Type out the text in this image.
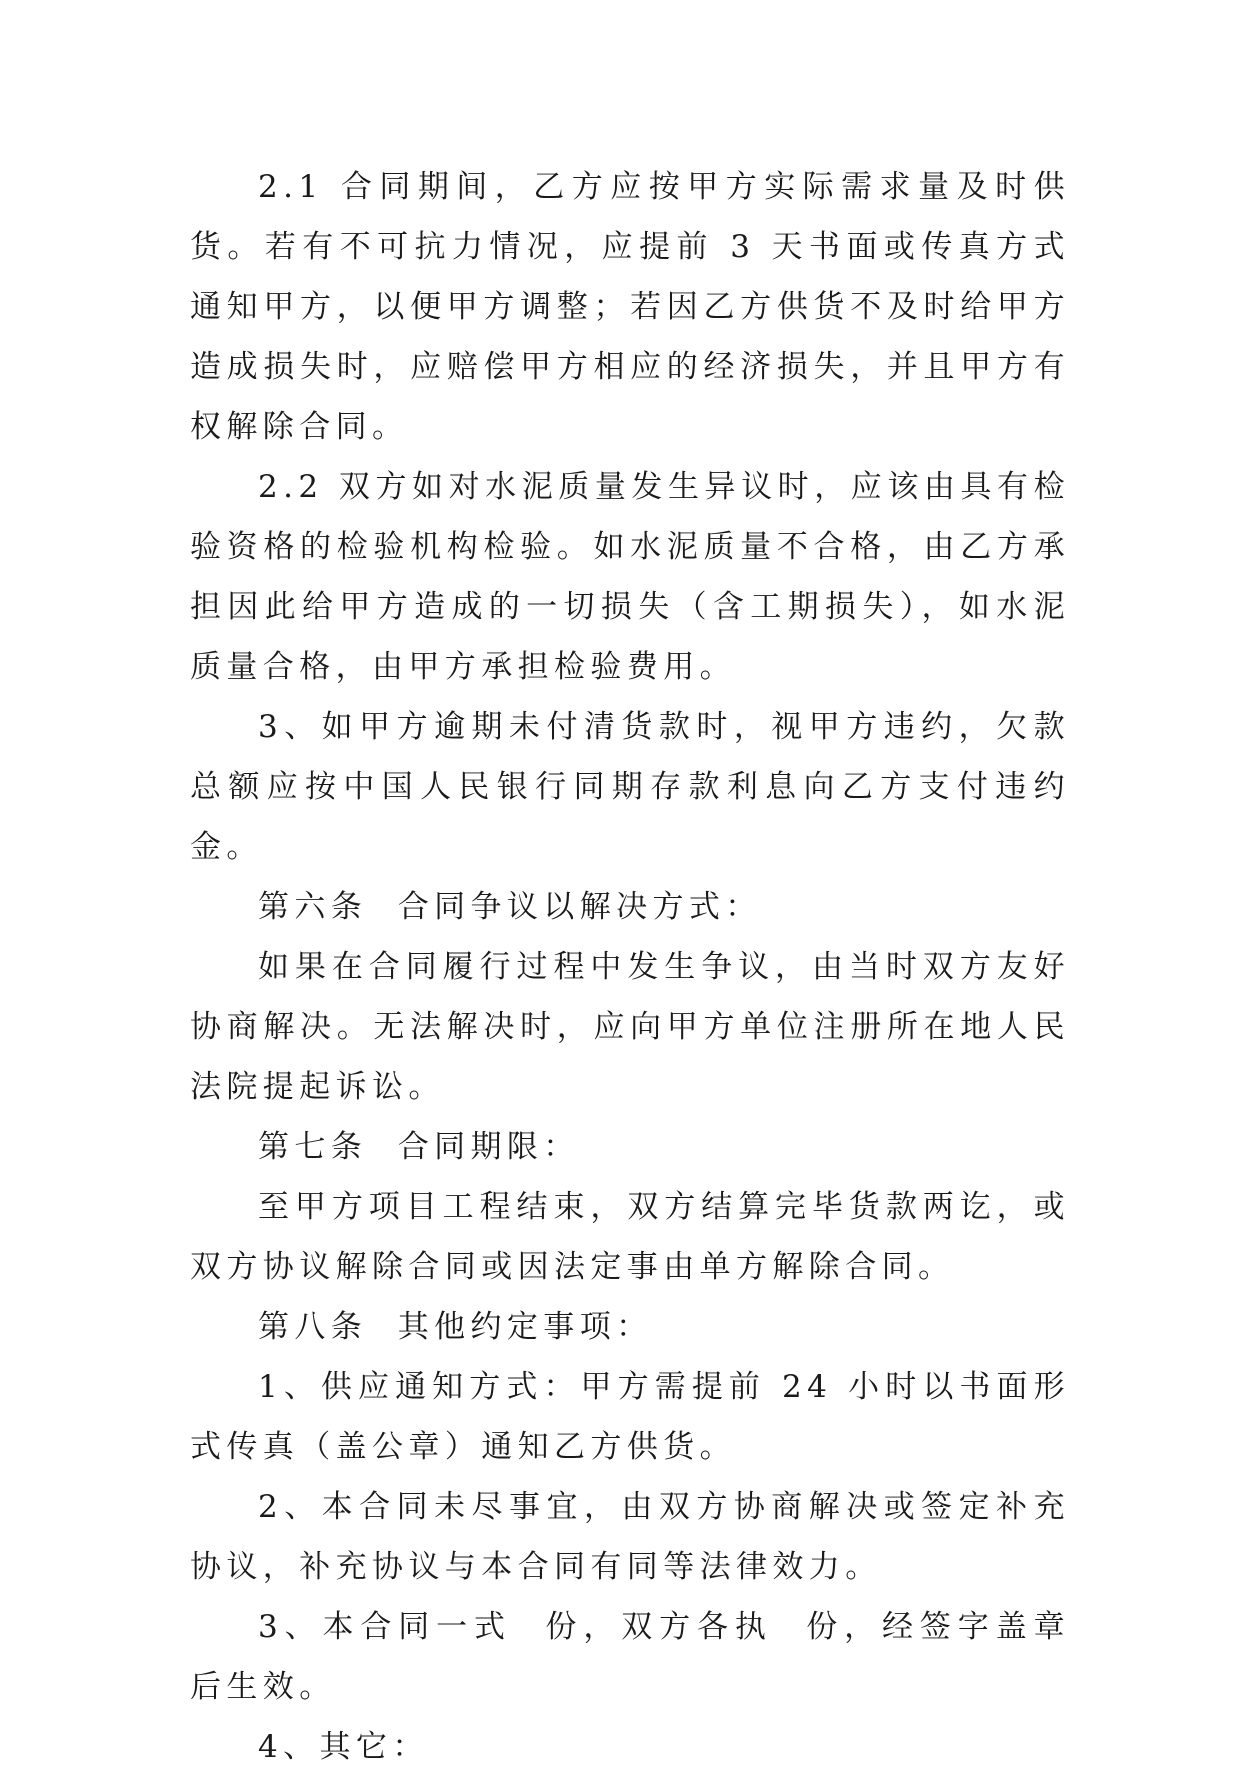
2.1 合同期间，乙方应按甲方实际需求量及时供货。若有不可抗力情况，应提前 3 天书面或传真方式通知甲方，以便甲方调整；若因乙方供货不及时给甲方造成损失时，应赔偿甲方相应的经济损失，并且甲方有权解除合同。

2.2 双方如对水泥质量发生异议时，应该由具有检验资格的检验机构检验。如水泥质量不合格，由乙方承担因此给甲方造成的一切损失（含工期损失），如水泥质量合格，由甲方承担检验费用。

3、如甲方逾期未付清货款时，视甲方违约，欠款总额应按中国人民银行同期存款利息向乙方支付违约金。

第六条  合同争议以解决方式：

如果在合同履行过程中发生争议，由当时双方友好协商解决。无法解决时，应向甲方单位注册所在地人民法院提起诉讼。

第七条  合同期限：

至甲方项目工程结束，双方结算完毕货款两讫，或双方协议解除合同或因法定事由单方解除合同。

第八条  其他约定事项：

1、供应通知方式：甲方需提前 24 小时以书面形式传真（盖公章）通知乙方供货。

2、本合同未尽事宜，由双方协商解决或签定补充协议，补充协议与本合同有同等法律效力。

3、本合同一式  份，双方各执  份，经签字盖章后生效。

4、其它：
